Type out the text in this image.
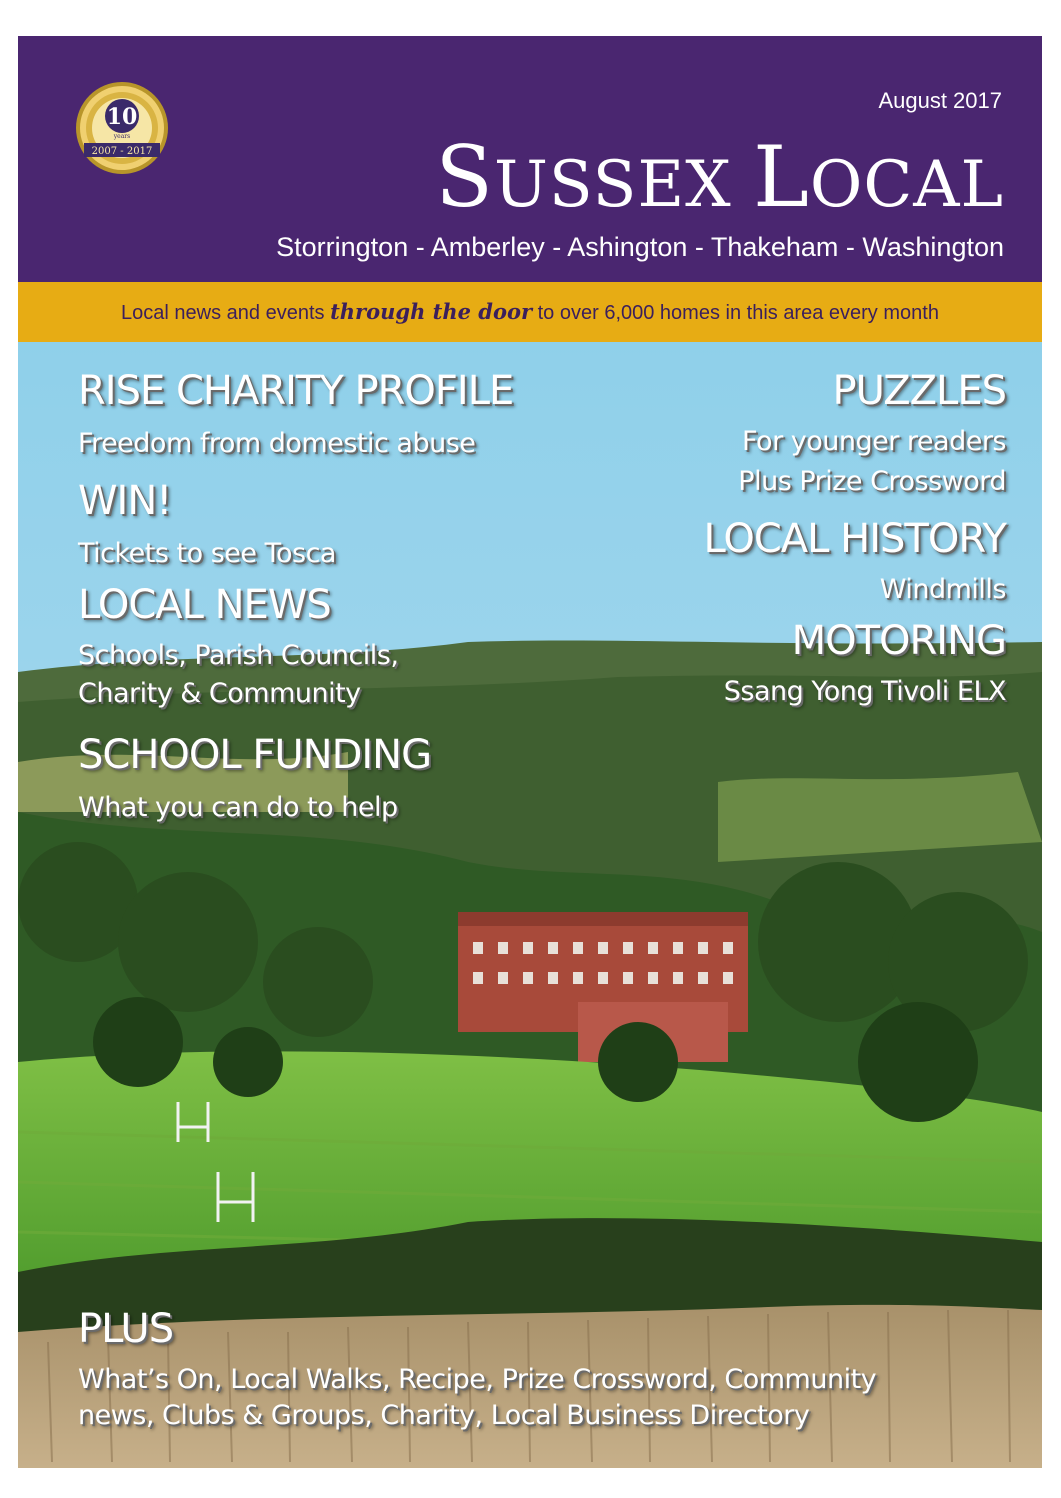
10
years
2007 - 2017
August 2017
SUSSEX LOCAL
Storrington - Amberley - Ashington - Thakeham - Washington
Local news and events through the door to over 6,000 homes in this area every month
RISE CHARITY PROFILE
Freedom from domestic abuse
WIN!
Tickets to see Tosca
LOCAL NEWS
Schools, Parish Councils,
Charity & Community
SCHOOL FUNDING
What you can do to help
PUZZLES
For younger readers
Plus Prize Crossword
LOCAL HISTORY
Windmills
MOTORING
Ssang Yong Tivoli ELX
PLUS
What’s On, Local Walks, Recipe, Prize Crossword, Community
news, Clubs & Groups, Charity, Local Business Directory
